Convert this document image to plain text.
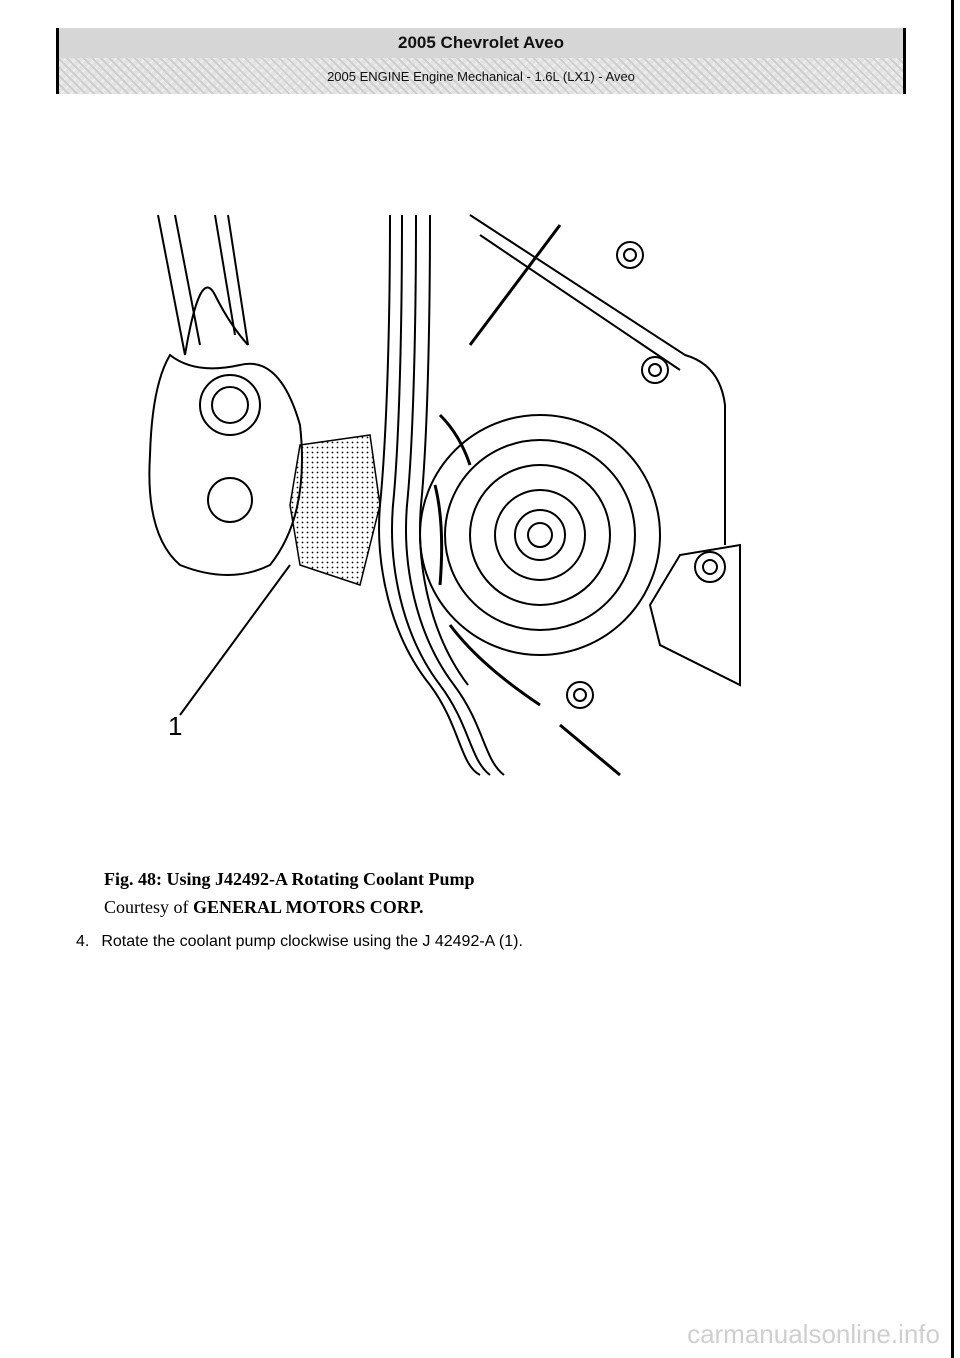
2005 Chevrolet Aveo
2005 ENGINE Engine Mechanical - 1.6L (LX1) - Aveo
1
Fig. 48: Using J42492-A Rotating Coolant Pump
Courtesy of GENERAL MOTORS CORP.
4. Rotate the coolant pump clockwise using the J 42492-A (1).
carmanualsonline.info
